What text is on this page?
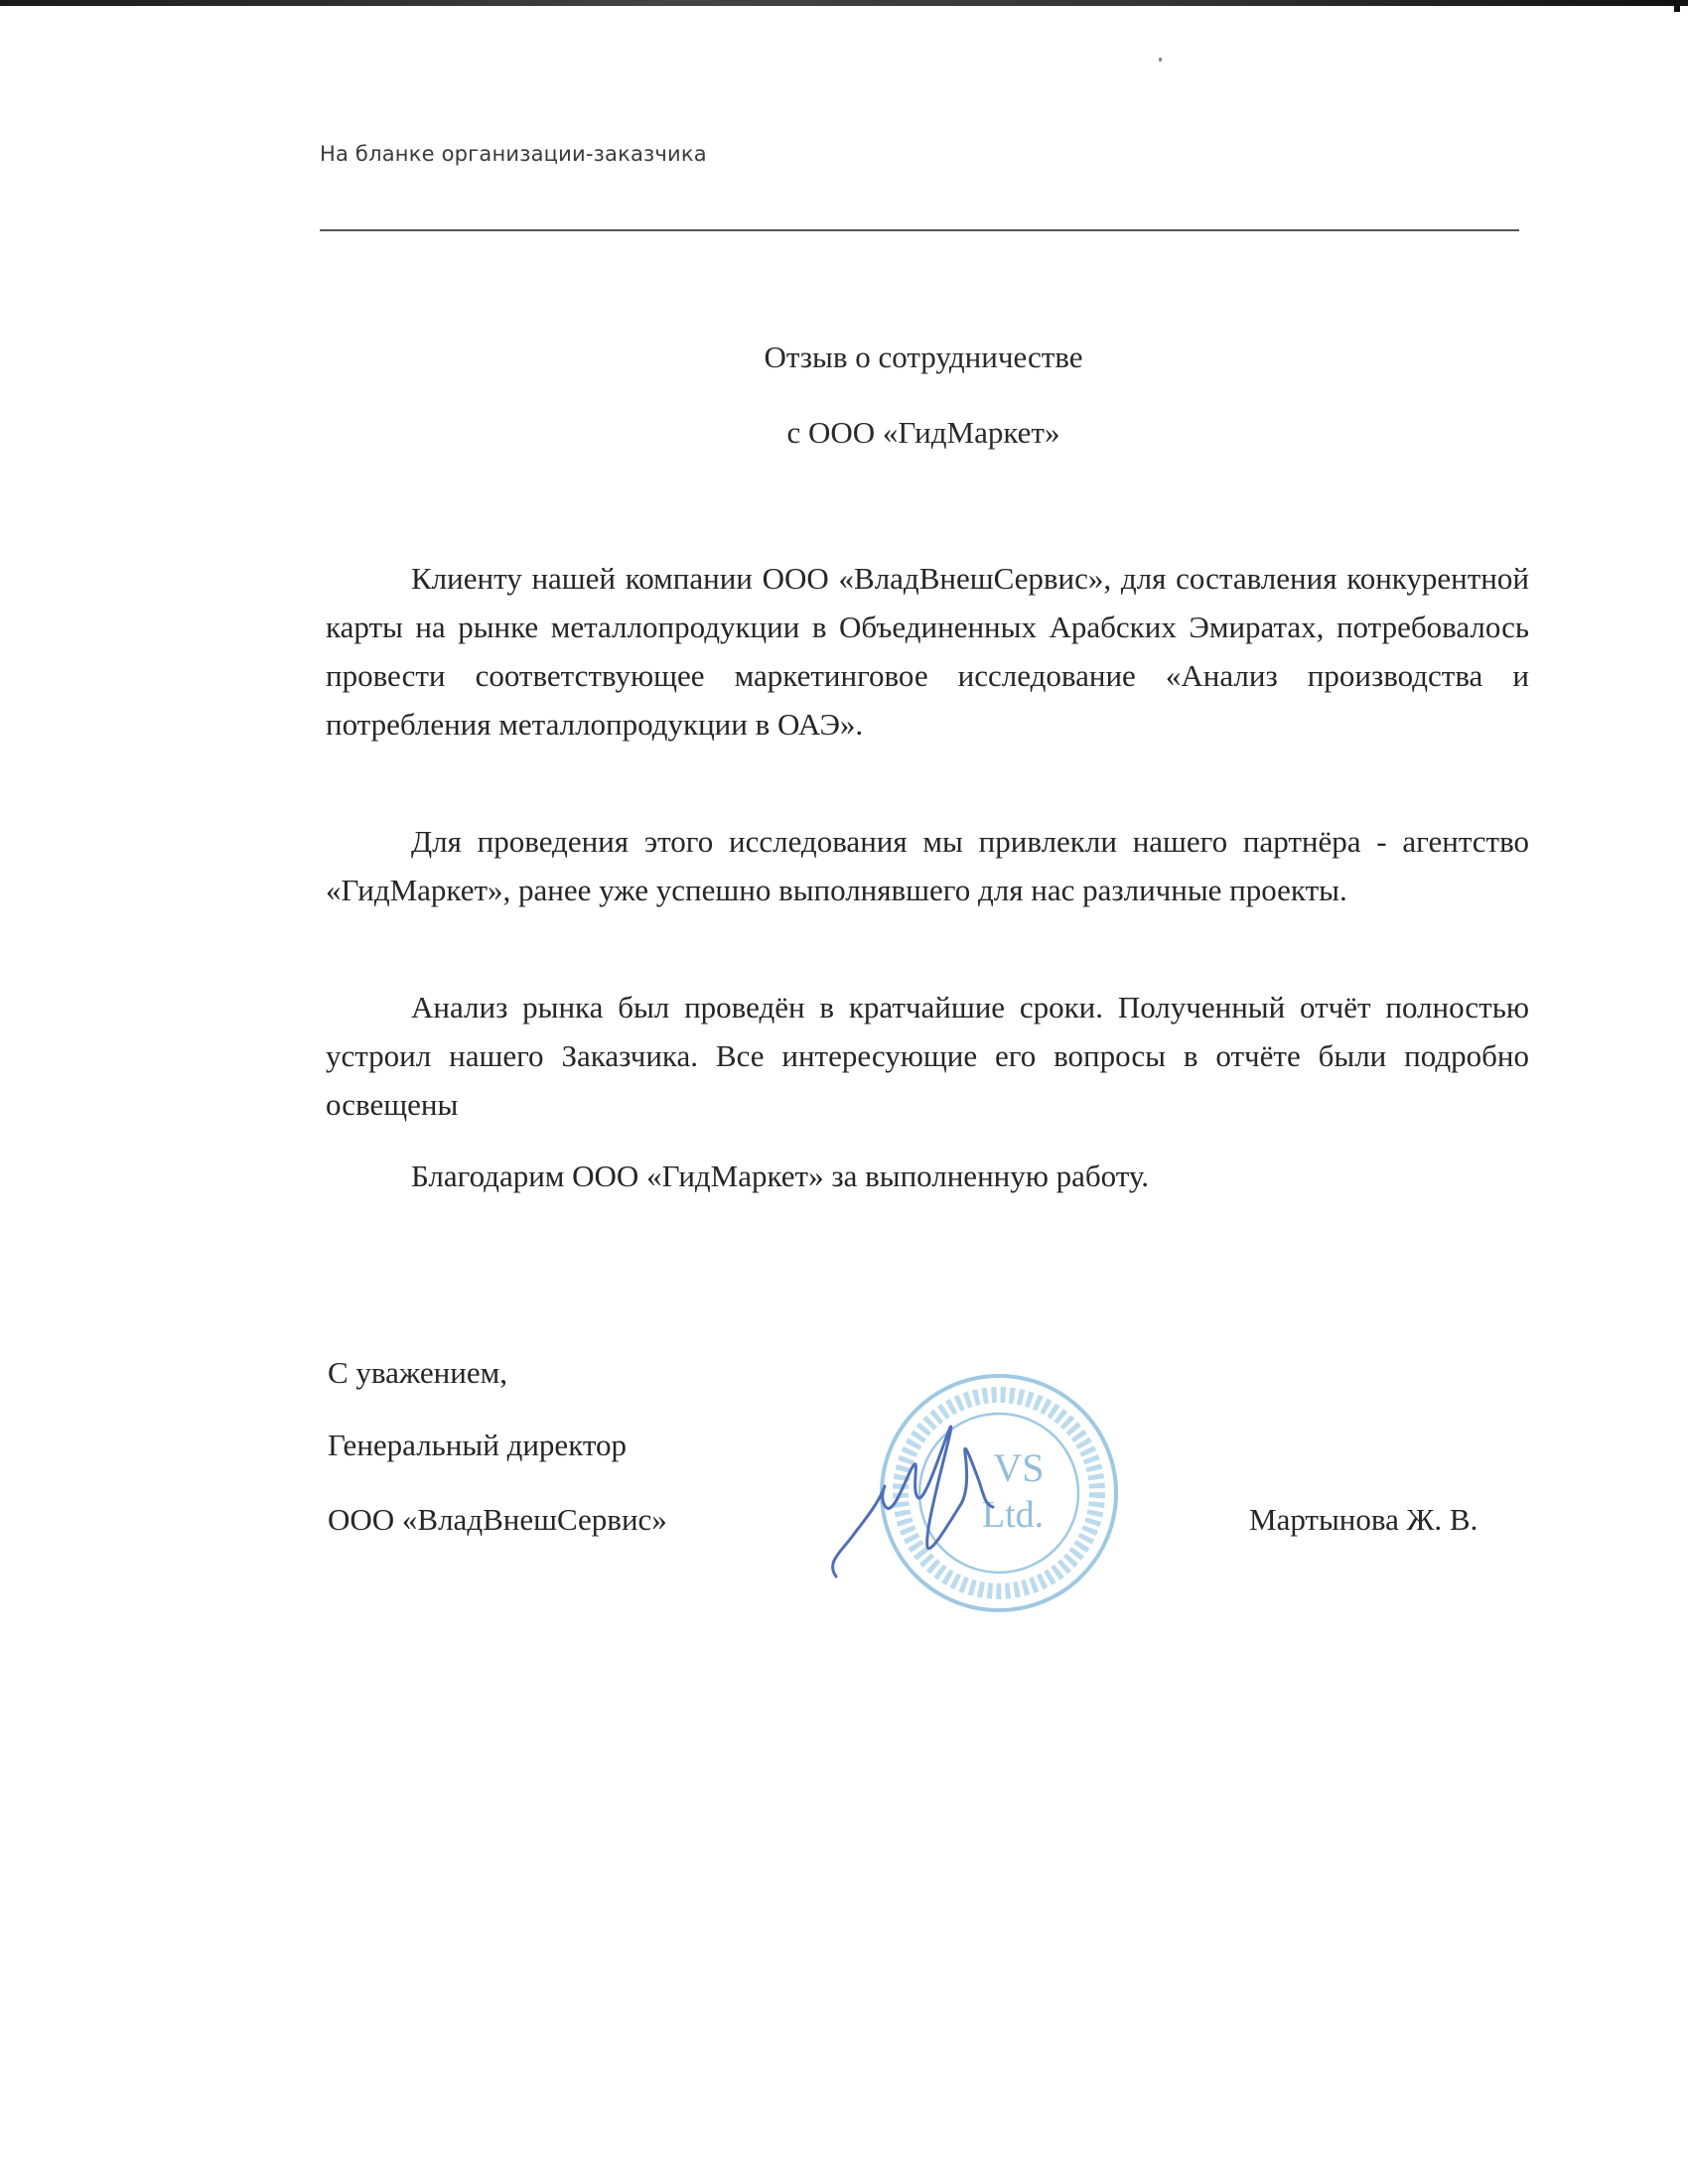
На бланке организации-заказчика
Отзыв о сотрудничестве
с ООО «ГидМаркет»

Клиенту нашей компании ООО «ВладВнешСервис», для составления конкурентной карты на рынке металлопродукции в Объединенных Арабских Эмиратах, потребовалось провести соответствующее маркетинговое исследование «Анализ производства и потребления металлопродукции в ОАЭ».

Для проведения этого исследования мы привлекли нашего партнёра - агентство «ГидМаркет», ранее уже успешно выполнявшего для нас различные проекты.

Анализ рынка был проведён в кратчайшие сроки. Полученный отчёт полностью устроил нашего Заказчика. Все интересующие его вопросы в отчёте были подробно освещены

Благодарим ООО «ГидМаркет» за выполненную работу.

С уважением,
Генеральный директор
ООО «ВладВнешСервис»	Мартынова Ж. В.
VS
Ltd.
